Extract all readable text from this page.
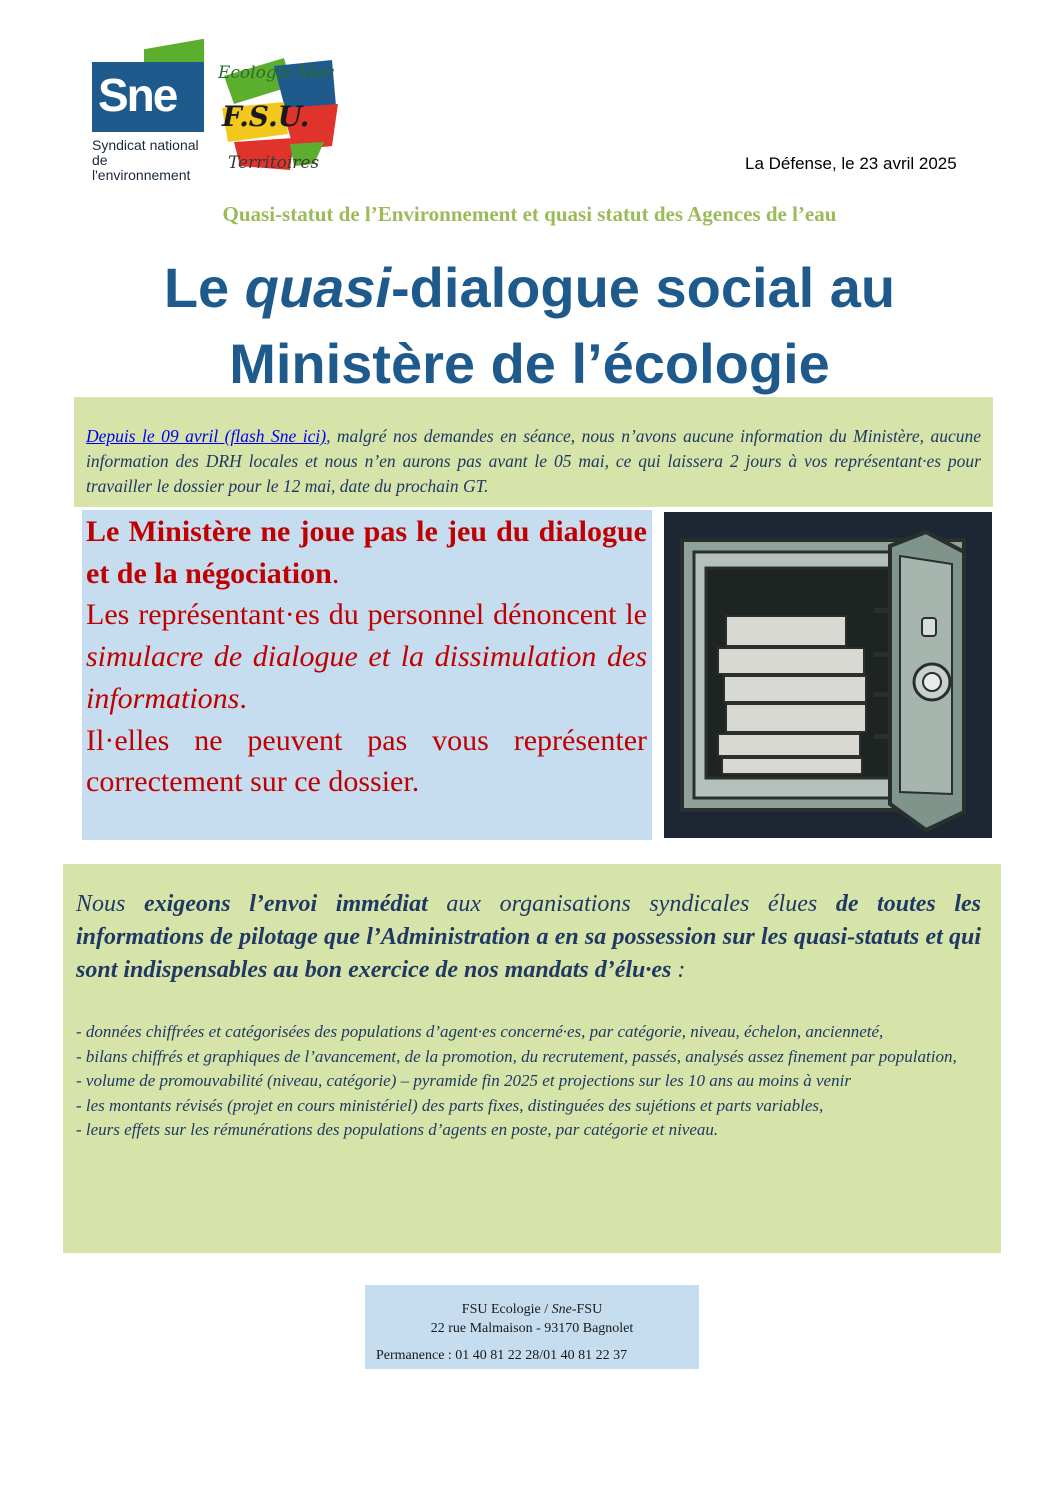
Sne
Syndicat national de
l'environnement
Ecologie Mer
F.S.U.
Territoires	La Défense, le 23 avril 2025
Quasi-statut de l’Environnement et quasi statut des Agences de l’eau
Le quasi-dialogue social au
Ministère de l’écologie
Depuis le 09 avril (flash Sne ici), malgré nos demandes en séance, nous n’avons aucune information du Ministère, aucune information des DRH locales et nous n’en aurons pas avant le 05 mai, ce qui laissera 2 jours à vos représentant·es pour travailler le dossier pour le 12 mai, date du prochain GT.
Le Ministère ne joue pas le jeu du dialogue et de la négociation.
Les représentant·es du personnel dénoncent le simulacre de dialogue et la dissimulation des informations.
Il·elles ne peuvent pas vous représenter correctement sur ce dossier.
Nous exigeons l’envoi immédiat aux organisations syndicales élues de toutes les informations de pilotage que l’Administration a en sa possession sur les quasi-statuts et qui sont indispensables au bon exercice de nos mandats d’élu·es :
- données chiffrées et catégorisées des populations d’agent·es concerné·es, par catégorie, niveau, échelon, ancienneté,
- bilans chiffrés et graphiques de l’avancement, de la promotion, du recrutement, passés, analysés assez finement par population,
- volume de promouvabilité (niveau, catégorie) – pyramide fin 2025 et projections sur les 10 ans au moins à venir
- les montants révisés (projet en cours ministériel) des parts fixes, distinguées des sujétions et parts variables,
- leurs effets sur les rémunérations des populations d’agents en poste, par catégorie et niveau.
FSU Ecologie / Sne-FSU
22 rue Malmaison - 93170 Bagnolet
Permanence : 01 40 81 22 28/01 40 81 22 37
